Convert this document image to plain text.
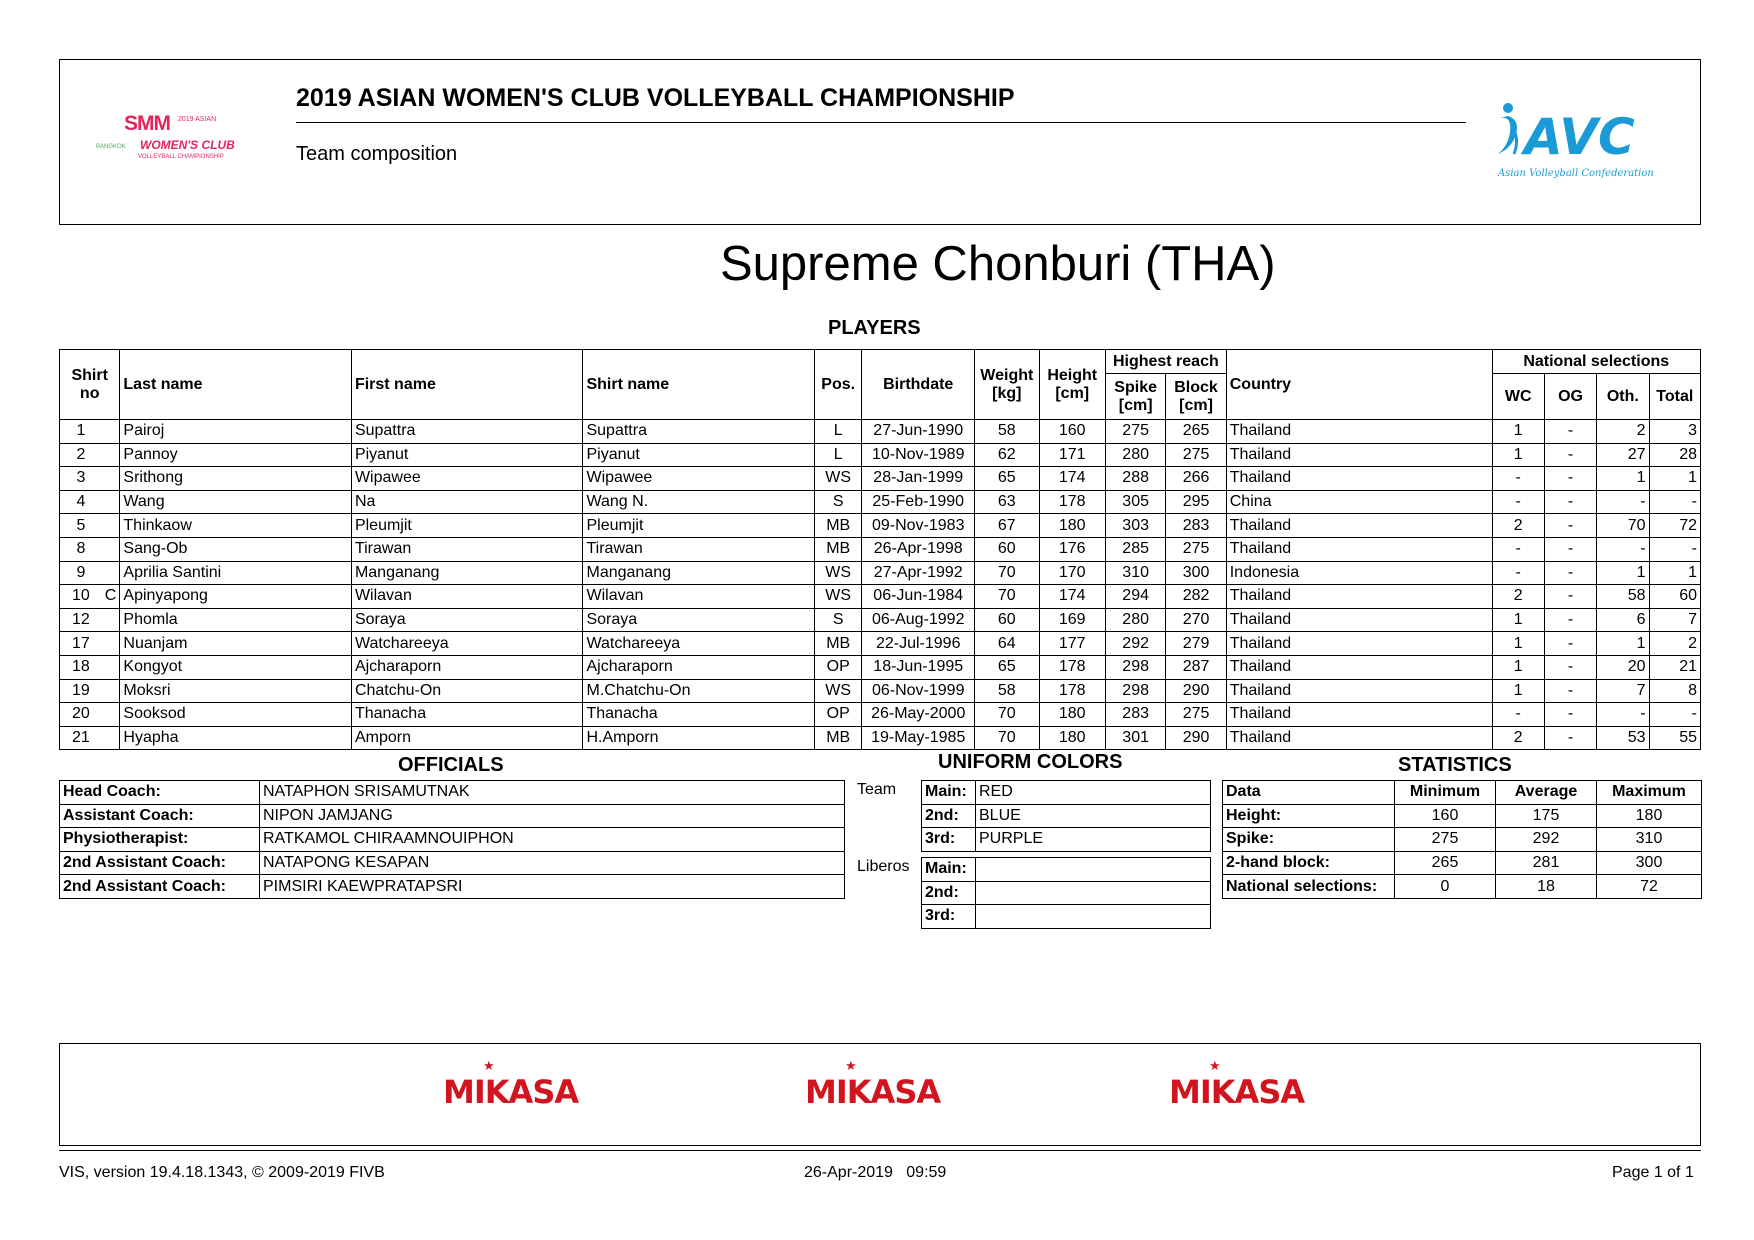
BANGKOK
SMM 2019 ASIAN
WOMEN'S CLUB
VOLLEYBALL CHAMPIONSHIP
2019 ASIAN WOMEN'S CLUB VOLLEYBALL CHAMPIONSHIP
Team composition	AVC
Asian Volleyball Confederation
Supreme Chonburi (THA)
PLAYERS
Shirt no		Last name	First name	Shirt name	Pos.	Birthdate	Weight [kg]	Height [cm]	Highest reach		Country	National selections			
									Spike [cm]	Block [cm]		WC	OG	Oth.	Total
1		Pairoj	Supattra	Supattra	L	27-Jun-1990	58	160	275	265	Thailand	1	-	2	3
2		Pannoy	Piyanut	Piyanut	L	10-Nov-1989	62	171	280	275	Thailand	1	-	27	28
3		Srithong	Wipawee	Wipawee	WS	28-Jan-1999	65	174	288	266	Thailand	-	-	1	1
4		Wang	Na	Wang N.	S	25-Feb-1990	63	178	305	295	China	-	-	-	-
5		Thinkaow	Pleumjit	Pleumjit	MB	09-Nov-1983	67	180	303	283	Thailand	2	-	70	72
8		Sang-Ob	Tirawan	Tirawan	MB	26-Apr-1998	60	176	285	275	Thailand	-	-	-	-
9		Aprilia Santini	Manganang	Manganang	WS	27-Apr-1992	70	170	310	300	Indonesia	-	-	1	1
10	C	Apinyapong	Wilavan	Wilavan	WS	06-Jun-1984	70	174	294	282	Thailand	2	-	58	60
12		Phomla	Soraya	Soraya	S	06-Aug-1992	60	169	280	270	Thailand	1	-	6	7
17		Nuanjam	Watchareeya	Watchareeya	MB	22-Jul-1996	64	177	292	279	Thailand	1	-	1	2
18		Kongyot	Ajcharaporn	Ajcharaporn	OP	18-Jun-1995	65	178	298	287	Thailand	1	-	20	21
19		Moksri	Chatchu-On	M.Chatchu-On	WS	06-Nov-1999	58	178	298	290	Thailand	1	-	7	8
20		Sooksod	Thanacha	Thanacha	OP	26-May-2000	70	180	283	275	Thailand	-	-	-	-
21		Hyapha	Amporn	H.Amporn	MB	19-May-1985	70	180	301	290	Thailand	2	-	53	55
OFFICIALS
Head Coach:	NATAPHON SRISAMUTNAK
Assistant Coach:	NIPON JAMJANG
Physiotherapist:	RATKAMOL CHIRAAMNOUIPHON
2nd Assistant Coach:	NATAPONG KESAPAN
2nd Assistant Coach:	PIMSIRI KAEWPRATAPSRI
UNIFORM COLORS
Team
Liberos
Main:	RED
2nd:	BLUE
3rd:	PURPLE
Main:	
2nd:	
3rd:	
STATISTICS
Data	Minimum	Average	Maximum
Height:	160	175	180
Spike:	275	292	310
2-hand block:	265	281	300
National selections:	0	18	72
★
MIKASA
★
MIKASA
★
MIKASA
VIS, version 19.4.18.1343, © 2009-2019 FIVB	26-Apr-2019   09:59	Page 1 of 1
